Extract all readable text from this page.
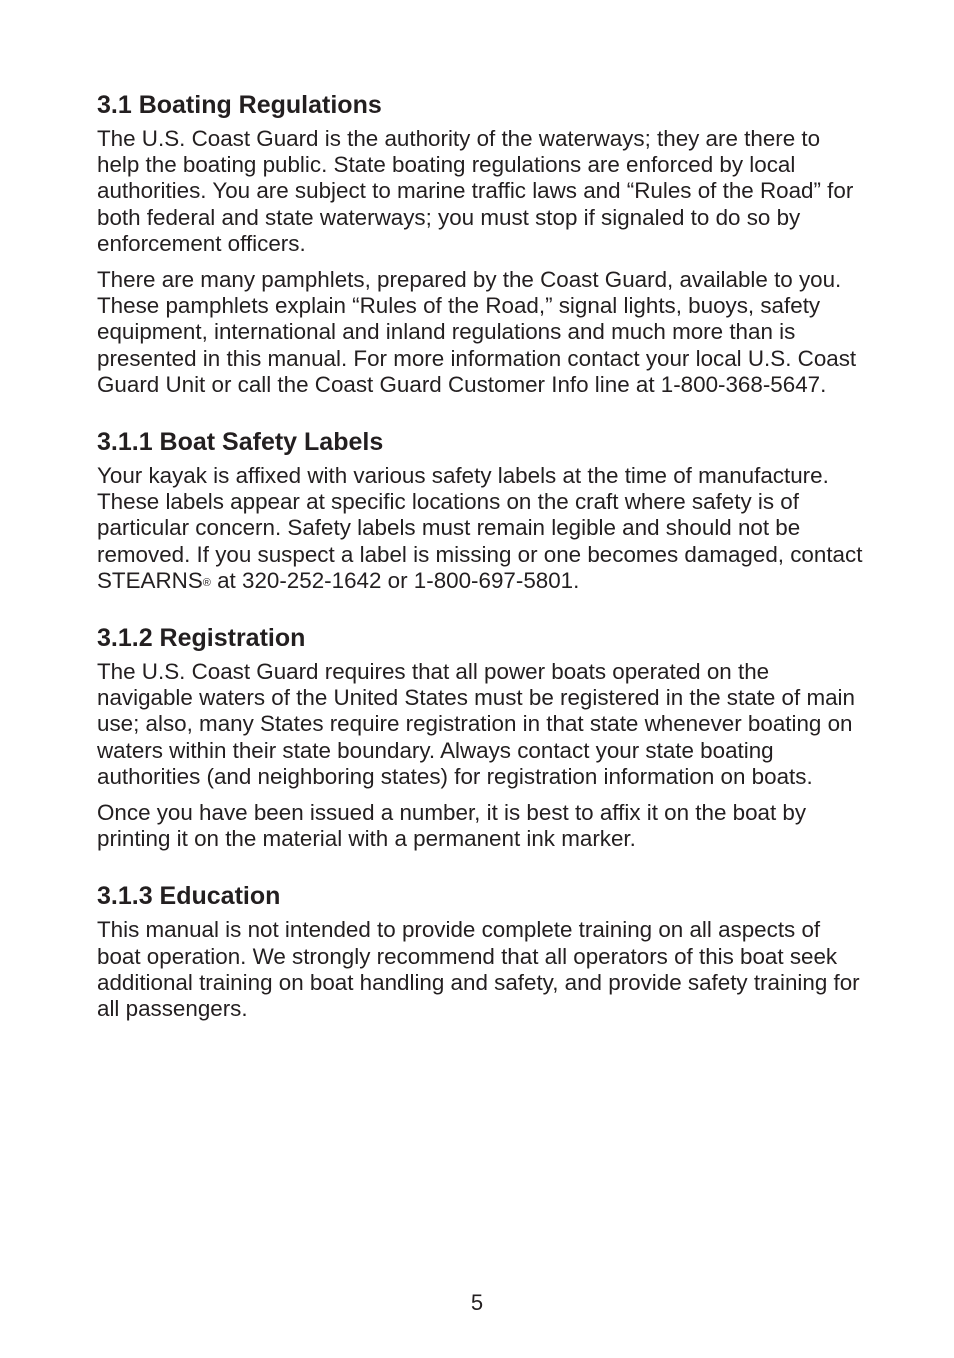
3.1 Boating Regulations

The U.S. Coast Guard is the authority of the waterways; they are there to help the boating public. State boating regulations are enforced by local authorities. You are subject to marine traffic laws and “Rules of the Road” for both federal and state waterways; you must stop if signaled to do so by enforcement officers.

There are many pamphlets, prepared by the Coast Guard, available to you. These pamphlets explain “Rules of the Road,” signal lights, buoys, safety equipment, international and inland regulations and much more than is presented in this manual. For more information contact your local U.S. Coast Guard Unit or call the Coast Guard Customer Info line at 1-800-368-5647.

3.1.1 Boat Safety Labels

Your kayak is affixed with various safety labels at the time of manufacture. These labels appear at specific locations on the craft where safety is of particular concern. Safety labels must remain legible and should not be removed. If you suspect a label is missing or one becomes damaged, contact STEARNS® at 320-252-1642 or 1-800-697-5801.

3.1.2 Registration

The U.S. Coast Guard requires that all power boats operated on the navigable waters of the United States must be registered in the state of main use; also, many States require registration in that state whenever boating on waters within their state boundary. Always contact your state boating authorities (and neighboring states) for registration information on boats.

Once you have been issued a number, it is best to affix it on the boat by printing it on the material with a permanent ink marker.

3.1.3 Education

This manual is not intended to provide complete training on all aspects of boat operation. We strongly recommend that all operators of this boat seek additional training on boat handling and safety, and provide safety training for all passengers.

5
